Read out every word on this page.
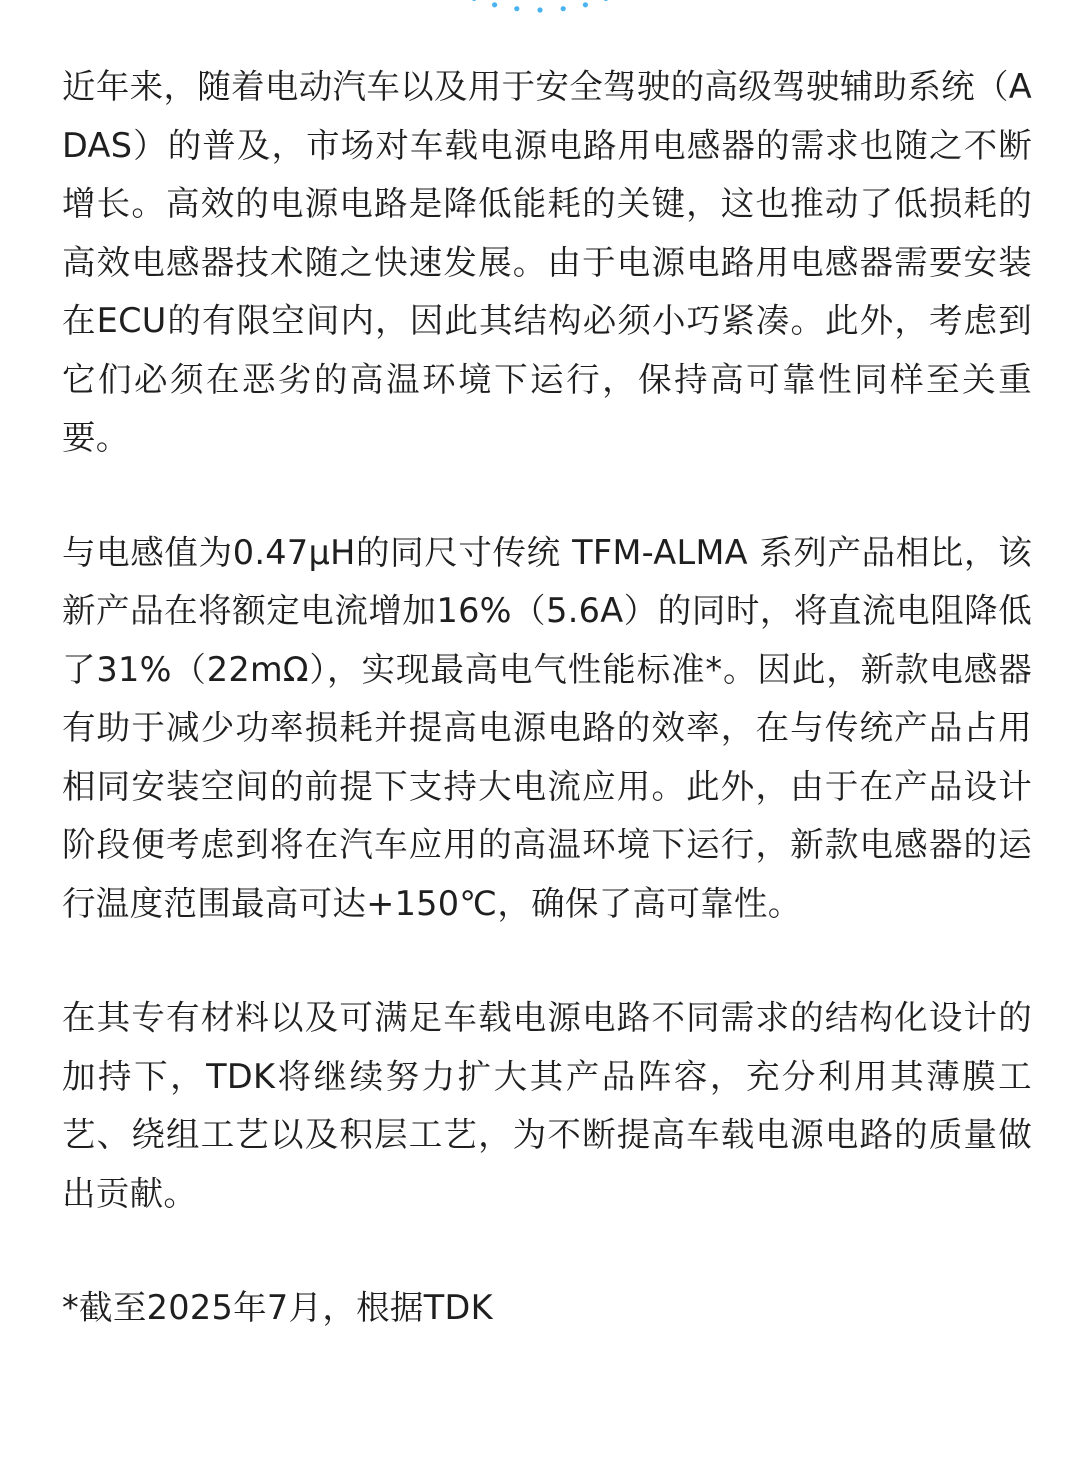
近年来，随着电动汽车以及用于安全驾驶的高级驾驶辅助系统（ADAS）的普及，市场对车载电源电路用电感器的需求也随之不断增长。高效的电源电路是降低能耗的关键，这也推动了低损耗的高效电感器技术随之快速发展。由于电源电路用电感器需要安装在ECU的有限空间内，因此其结构必须小巧紧凑。此外，考虑到它们必须在恶劣的高温环境下运行，保持高可靠性同样至关重要。

与电感值为0.47μH的同尺寸传统 TFM-ALMA 系列产品相比，该新产品在将额定电流增加16%（5.6A）的同时，将直流电阻降低了31%（22mΩ），实现最高电气性能标准*。因此，新款电感器有助于减少功率损耗并提高电源电路的效率，在与传统产品占用相同安装空间的前提下支持大电流应用。此外，由于在产品设计阶段便考虑到将在汽车应用的高温环境下运行，新款电感器的运行温度范围最高可达+150℃，确保了高可靠性。

在其专有材料以及可满足车载电源电路不同需求的结构化设计的加持下，TDK将继续努力扩大其产品阵容，充分利用其薄膜工艺、绕组工艺以及积层工艺，为不断提高车载电源电路的质量做出贡献。

*截至2025年7月，根据TDK
